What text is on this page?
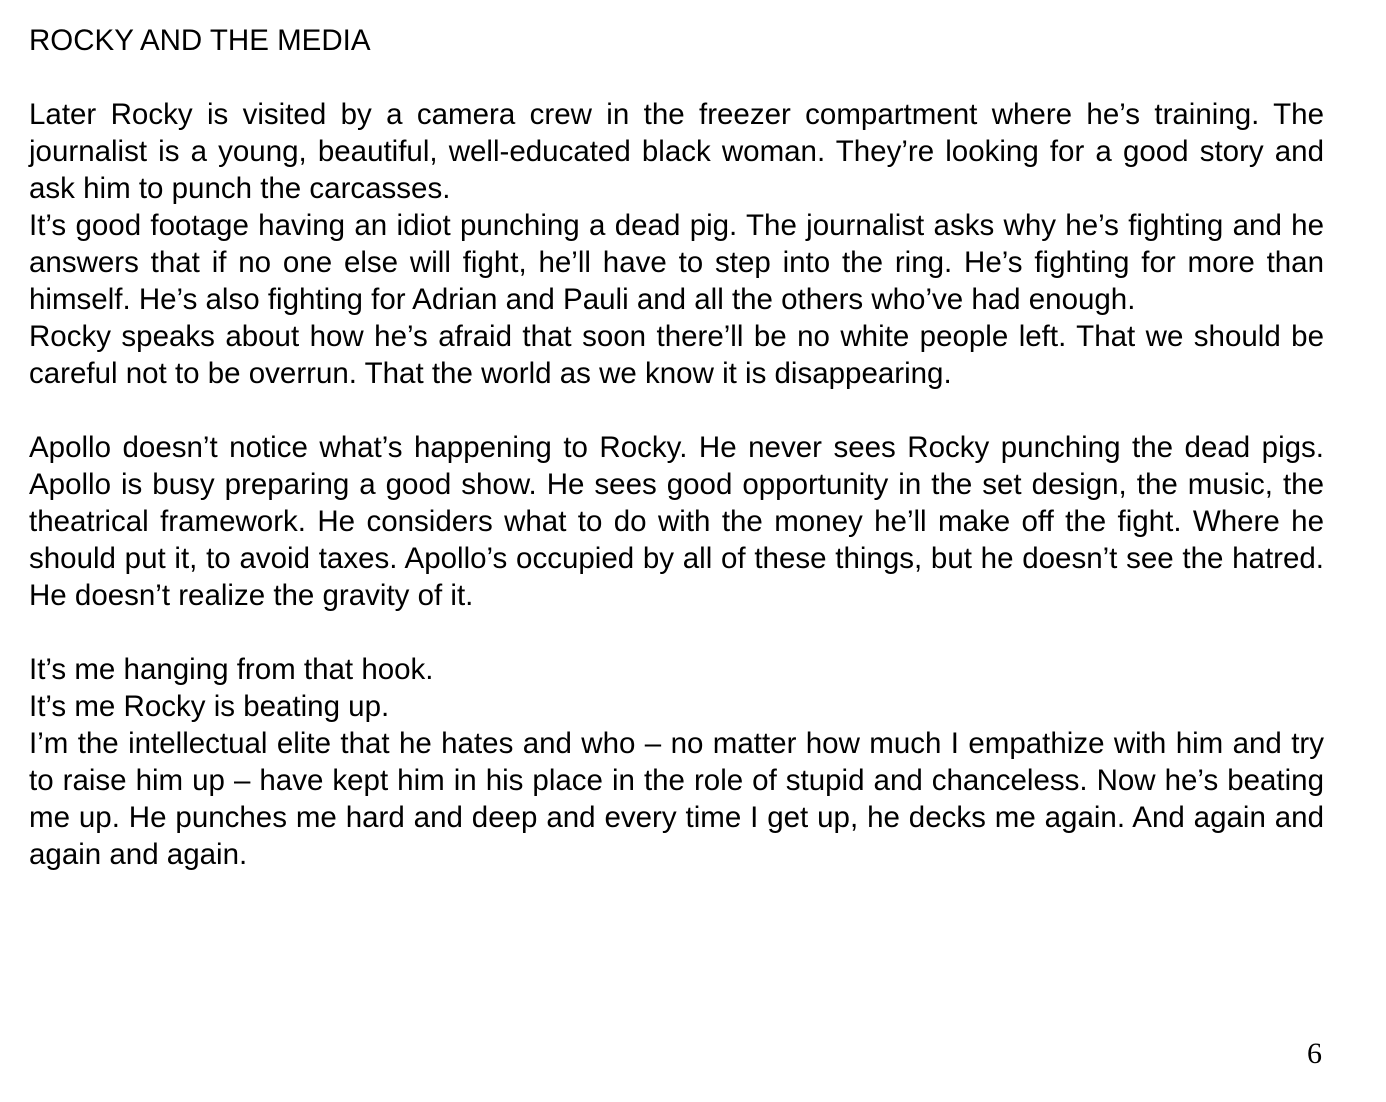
ROCKY AND THE MEDIA

Later Rocky is visited by a camera crew in the freezer compartment where he’s training. The journalist is a young, beautiful, well-educated black woman. They’re looking for a good story and ask him to punch the carcasses.

It’s good footage having an idiot punching a dead pig. The journalist asks why he’s fighting and he answers that if no one else will fight, he’ll have to step into the ring. He’s fighting for more than himself. He’s also fighting for Adrian and Pauli and all the others who’ve had enough.

Rocky speaks about how he’s afraid that soon there’ll be no white people left. That we should be careful not to be overrun. That the world as we know it is disappearing.

Apollo doesn’t notice what’s happening to Rocky. He never sees Rocky punching the dead pigs. Apollo is busy preparing a good show. He sees good opportunity in the set design, the music, the theatrical framework. He considers what to do with the money he’ll make off the fight. Where he should put it, to avoid taxes. Apollo’s occupied by all of these things, but he doesn’t see the hatred. He doesn’t realize the gravity of it.

It’s me hanging from that hook.

It’s me Rocky is beating up.

I’m the intellectual elite that he hates and who – no matter how much I empathize with him and try to raise him up – have kept him in his place in the role of stupid and chanceless. Now he’s beating me up. He punches me hard and deep and every time I get up, he decks me again. And again and again and again.

6
